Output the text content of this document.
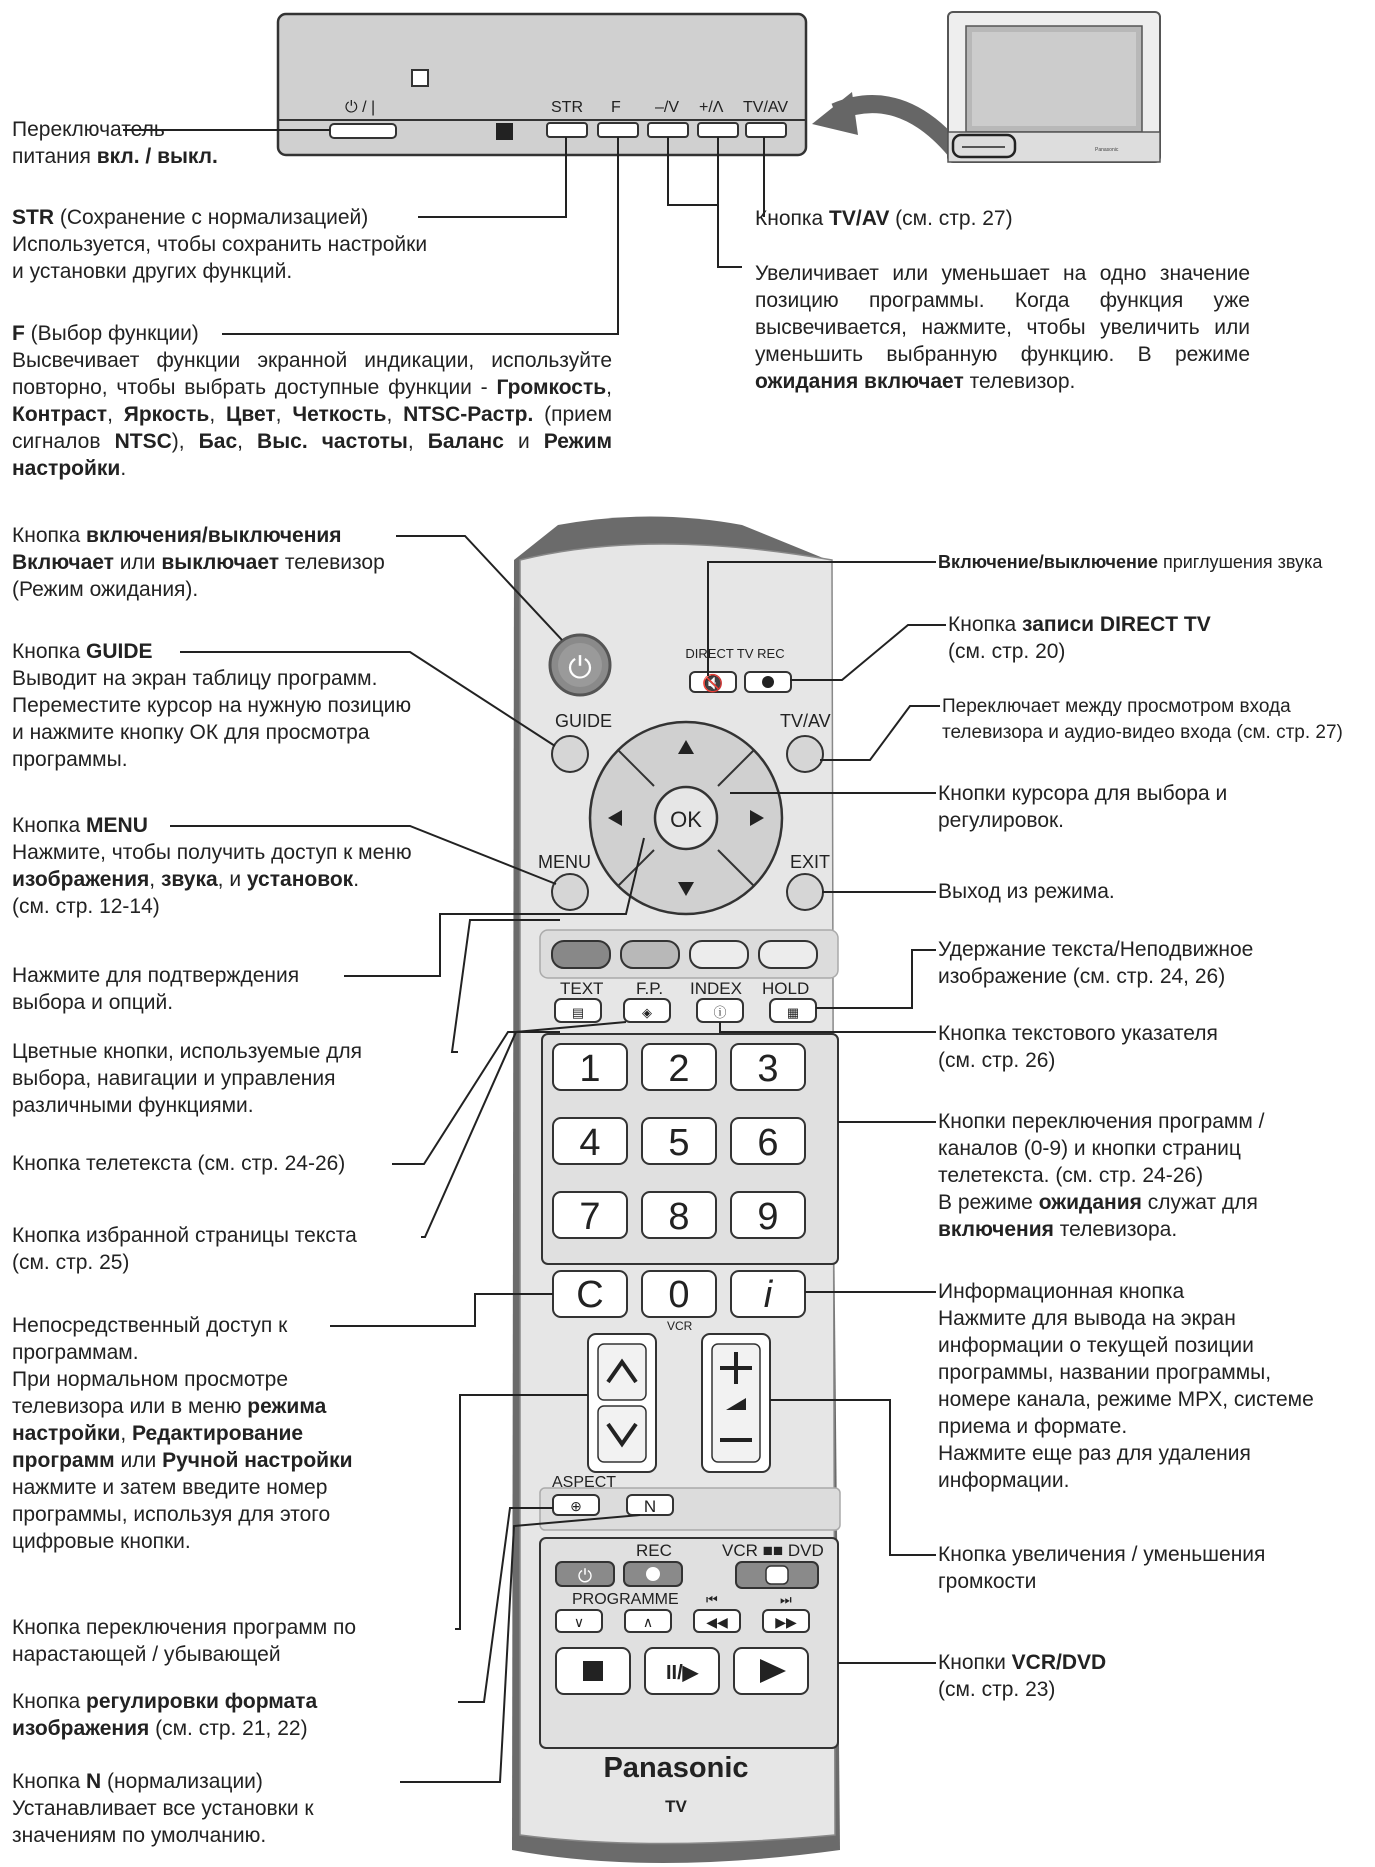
⏻ / |	STR F –/V +/Λ TV/AV
Panasonic
⏻	DIRECT TV REC
🔇
GUIDE	TV/AV
OK
MENU	EXIT
TEXT F.P. INDEX HOLD
▤	◈	ⓘ	▦
1 2 3
4 5 6
7 8 9
C 0 i
VCR
ASPECT
⊕	N
REC	VCR ■■ DVD
⏻
PROGRAMME ⏮	⏭
∨	∧	◀◀	▶▶
II/▶
Panasonic
TV
Переключатель
питания вкл. / выкл.
STR (Сохранение с нормализацией)
Используется, чтобы сохранить настройки
и установки других функций.
F (Выбор функции)
Высвечивает функции экранной индикации, используйте повторно, чтобы выбрать доступные функции - Громкость, Контраст, Яркость, Цвет, Четкость, NTSC-Растр. (прием сигналов NTSC), Бас, Выс. частоты, Баланс и Режим настройки.
Кнопка включения/выключения
Включает или выключает телевизор
(Режим ожидания).
Кнопка GUIDE
Выводит на экран таблицу программ.
Переместите курсор на нужную позицию
и нажмите кнопку ОК для просмотра
программы.
Кнопка MENU
Нажмите, чтобы получить доступ к меню
изображения, звука, и установок.
(см. стр. 12-14)
Нажмите для подтверждения
выбора и опций.
Цветные кнопки, используемые для
выбора, навигации и управления
различными функциями.
Кнопка телетекста (см. стр. 24-26)
Кнопка избранной страницы текста
(см. стр. 25)
Непосредственный доступ к
программам.
При нормальном просмотре
телевизора или в меню режима
настройки, Редактирование
программ или Ручной настройки
нажмите и затем введите номер
программы, используя для этого
цифровые кнопки.
Кнопка переключения программ по
нарастающей / убывающей
Кнопка регулировки формата
изображения (см. стр. 21, 22)
Кнопка N (нормализации)
Устанавливает все установки к
значениям по умолчанию.
Кнопка TV/AV (см. стр. 27)
Увеличивает или уменьшает на одно значение позицию программы. Когда функция уже высвечивается, нажмите, чтобы увеличить или уменьшить выбранную функцию. В режиме ожидания включает телевизор.
Включение/выключение приглушения звука
Кнопка записи DIRECT TV
(см. стр. 20)
Переключает между просмотром входа
телевизора и аудио-видео входа (см. стр. 27)
Кнопки курсора для выбора и
регулировок.
Выход из режима.
Удержание текста/Неподвижное
изображение (см. стр. 24, 26)
Кнопка текстового указателя
(см. стр. 26)
Кнопки переключения программ /
каналов (0-9) и кнопки страниц
телетекста. (см. стр. 24-26)
В режиме ожидания служат для
включения телевизора.
Информационная кнопка
Нажмите для вывода на экран
информации о текущей позиции
программы, названии программы,
номере канала, режиме МРХ, системе
приема и формате.
Нажмите еще раз для удаления
информации.
Кнопка увеличения / уменьшения
громкости
Кнопки VCR/DVD
(см. стр. 23)
